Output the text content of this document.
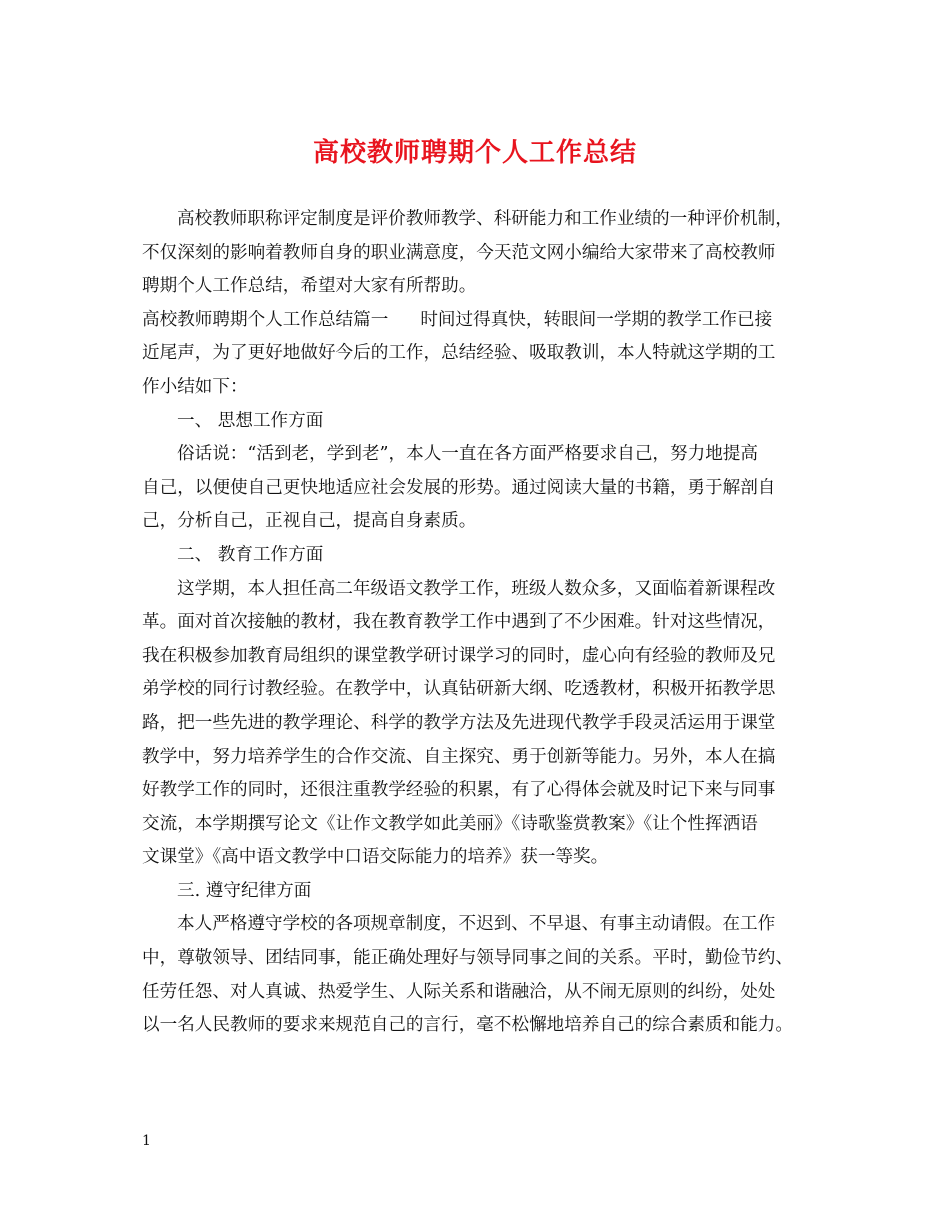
高校教师聘期个人工作总结
高校教师职称评定制度是评价教师教学、科研能力和工作业绩的一种评价机制，
不仅深刻的影响着教师自身的职业满意度，今天范文网小编给大家带来了高校教师
聘期个人工作总结，希望对大家有所帮助。
高校教师聘期个人工作总结篇一 时间过得真快，转眼间一学期的教学工作已接
近尾声，为了更好地做好今后的工作，总结经验、吸取教训，本人特就这学期的工
作小结如下：
一、 思想工作方面
俗话说：“活到老，学到老”，本人一直在各方面严格要求自己，努力地提高
自己，以便使自己更快地适应社会发展的形势。通过阅读大量的书籍，勇于解剖自
己，分析自己，正视自己，提高自身素质。
二、 教育工作方面
这学期，本人担任高二年级语文教学工作，班级人数众多，又面临着新课程改
革。面对首次接触的教材，我在教育教学工作中遇到了不少困难。针对这些情况，
我在积极参加教育局组织的课堂教学研讨课学习的同时，虚心向有经验的教师及兄
弟学校的同行讨教经验。在教学中，认真钻研新大纲、吃透教材，积极开拓教学思
路，把一些先进的教学理论、科学的教学方法及先进现代教学手段灵活运用于课堂
教学中，努力培养学生的合作交流、自主探究、勇于创新等能力。另外，本人在搞
好教学工作的同时，还很注重教学经验的积累，有了心得体会就及时记下来与同事
交流，本学期撰写论文《让作文教学如此美丽》《诗歌鉴赏教案》《让个性挥洒语
文课堂》《高中语文教学中口语交际能力的培养》获一等奖。
三. 遵守纪律方面
本人严格遵守学校的各项规章制度，不迟到、不早退、有事主动请假。在工作
中，尊敬领导、团结同事，能正确处理好与领导同事之间的关系。平时，勤俭节约、
任劳任怨、对人真诚、热爱学生、人际关系和谐融洽，从不闹无原则的纠纷，处处
以一名人民教师的要求来规范自己的言行，毫不松懈地培养自己的综合素质和能力。
1
